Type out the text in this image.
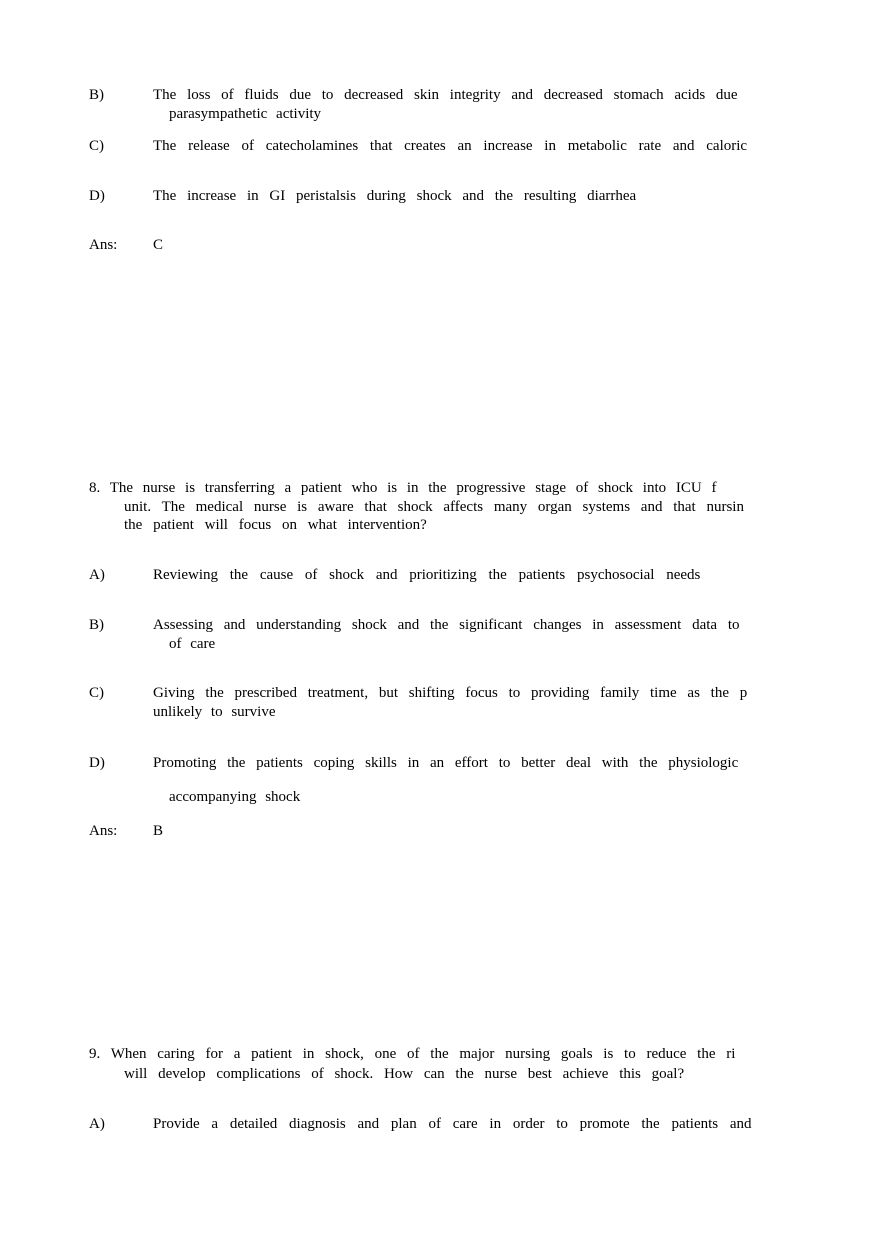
B)	The loss of fluids due to decreased skin integrity and decreased stomach acids due
parasympathetic activity
C)	The release of catecholamines that creates an increase in metabolic rate and caloric
D)	The increase in GI peristalsis during shock and the resulting diarrhea
Ans: C
8. The nurse is transferring a patient who is in the progressive stage of shock into ICU f
unit. The medical nurse is aware that shock affects many organ systems and that nursin
the patient will focus on what intervention?
A)	Reviewing the cause of shock and prioritizing the patients psychosocial needs
B)	Assessing and understanding shock and the significant changes in assessment data to
of care
C)	Giving the prescribed treatment, but shifting focus to providing family time as the p
unlikely to survive
D)	Promoting the patients coping skills in an effort to better deal with the physiologic
accompanying shock
Ans: B
9. When caring for a patient in shock, one of the major nursing goals is to reduce the ri
will develop complications of shock. How can the nurse best achieve this goal?
A)	Provide a detailed diagnosis and plan of care in order to promote the patients and
